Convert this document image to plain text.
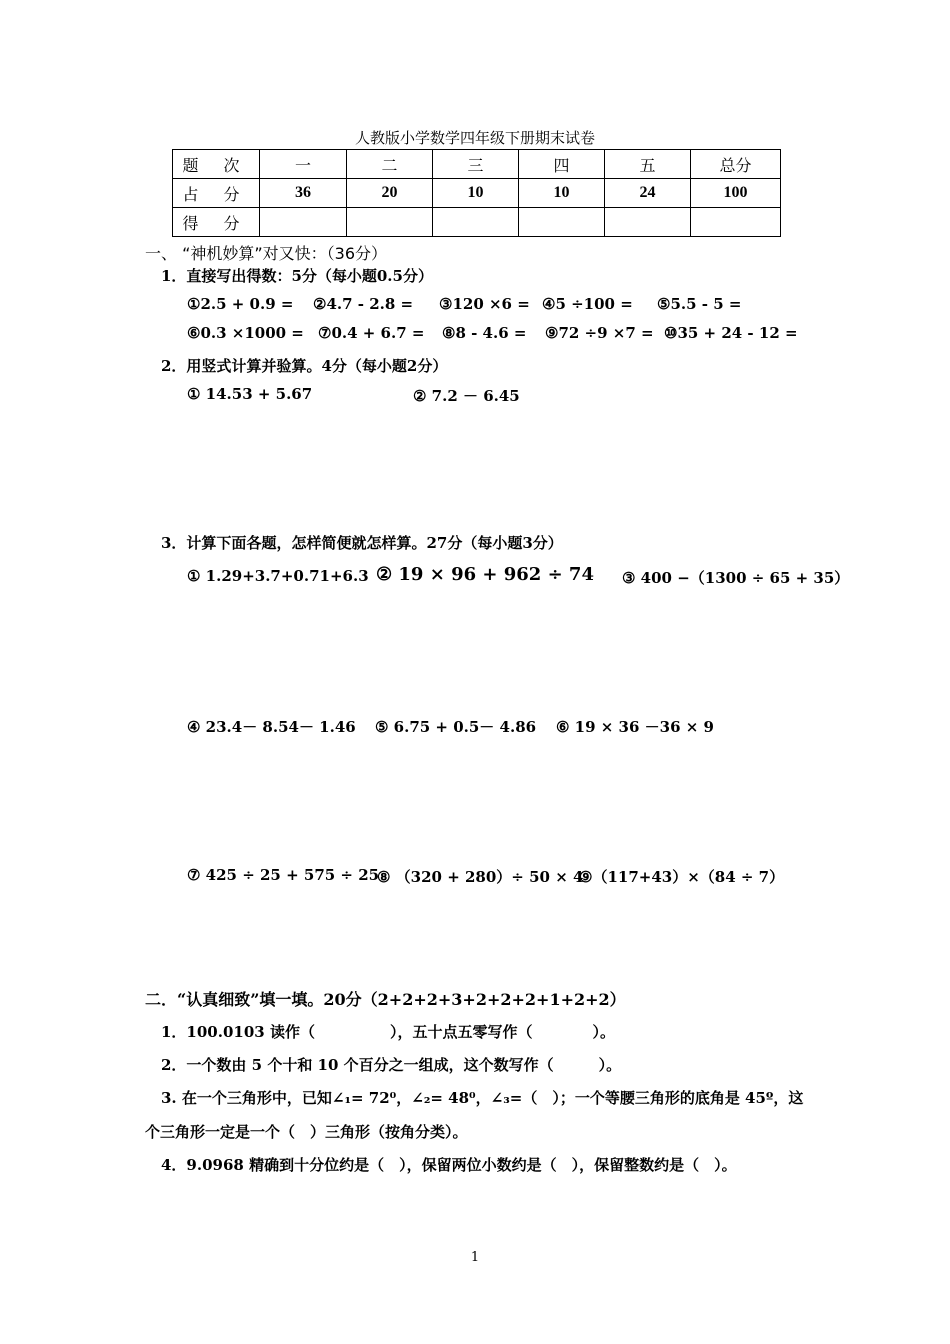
人教版小学数学四年级下册期末试卷
题 次	一	二	三	四	五	总分
占 分	36	20	10	10	24	100
得 分						
一、 “神机妙算”对又快：（36分）
1．直接写出得数：5分（每小题0.5分）
①2.5 + 0.9 = ②4.7 - 2.8 = ③120 ×6 = ④5 ÷100 = ⑤5.5 - 5 =
⑥0.3 ×1000 = ⑦0.4 + 6.7 = ⑧8 - 4.6 = ⑨72 ÷9 ×7 = ⑩35 + 24 - 12 =
2．用竖式计算并验算。4分（每小题2分）
① 14.53 + 5.67	② 7.2 － 6.45
3．计算下面各题，怎样简便就怎样算。27分（每小题3分）
① 1.29+3.7+0.71+6.3 ② 19 × 96 + 962 ÷ 74 ③ 400 −（1300 ÷ 65 + 35）
④ 23.4－ 8.54－ 1.46 ⑤ 6.75 + 0.5－ 4.86 ⑥ 19 × 36 －36 × 9
⑦ 425 ÷ 25 + 575 ÷ 25
⑧ （320 + 280）÷ 50 × 4
⑨（117+43）×（84 ÷ 7）
二．“认真细致”填一填。20分（2+2+2+3+2+2+2+1+2+2）
1．100.0103 读作（　　　　　），五十点五零写作（　　　　）。
2．一个数由 5 个十和 10 个百分之一组成，这个数写作（　　　）。
3. 在一个三角形中，已知∠₁= 72⁰，∠₂= 48⁰，∠₃=（　）；一个等腰三角形的底角是 45º，这
个三角形一定是一个（　）三角形（按角分类）。
4．9.0968 精确到十分位约是（　），保留两位小数约是（　），保留整数约是（　）。
1
